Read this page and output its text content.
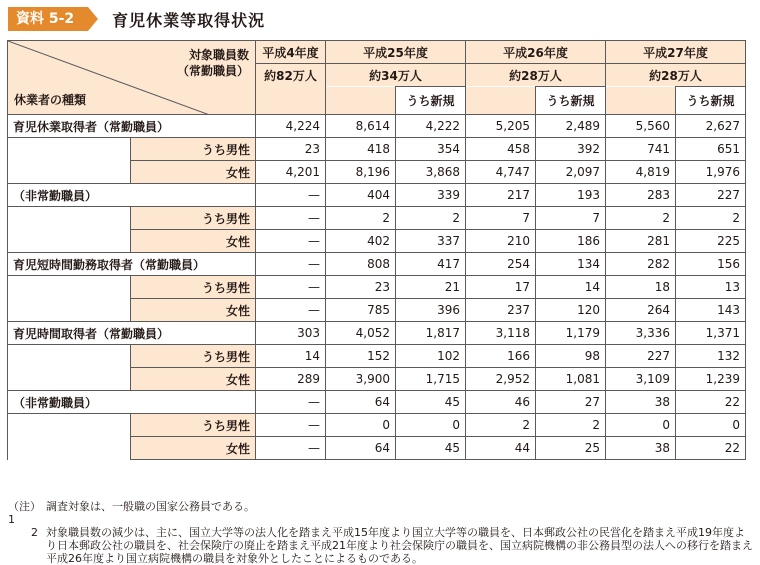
資料 5-2	育児休業等取得状況
対象職員数
（常勤職員）
休業者の種類		平成4年度	平成25年度		平成26年度		平成27年度	
		約82万人	約34万人		約28万人		約28万人	
				うち新規		うち新規		うち新規
育児休業取得者（常勤職員）		4,224	8,614	4,222	5,205	2,489	5,560	2,627
	うち男性	23	418	354	458	392	741	651
	女性	4,201	8,196	3,868	4,747	2,097	4,819	1,976
（非常勤職員）		—	404	339	217	193	283	227
	うち男性	—	2	2	7	7	2	2
	女性	—	402	337	210	186	281	225
育児短時間勤務取得者（常勤職員）		—	808	417	254	134	282	156
	うち男性	—	23	21	17	14	18	13
	女性	—	785	396	237	120	264	143
育児時間取得者（常勤職員）		303	4,052	1,817	3,118	1,179	3,336	1,371
	うち男性	14	152	102	166	98	227	132
	女性	289	3,900	1,715	2,952	1,081	3,109	1,239
（非常勤職員）		—	64	45	46	27	38	22
	うち男性	—	0	0	2	2	0	0
	女性	—	64	45	44	25	38	22
（注）1
調査対象は、一般職の国家公務員である。
2 対象職員数の減少は、主に、国立大学等の法人化を踏まえ平成15年度より国立大学等の職員を、日本郵政公社の民営化を踏まえ平成19年度より日本郵政公社の職員を、社会保険庁の廃止を踏まえ平成21年度より社会保険庁の職員を、国立病院機構の非公務員型の法人への移行を踏まえ平成26年度より国立病院機構の職員を対象外としたことによるものである。
